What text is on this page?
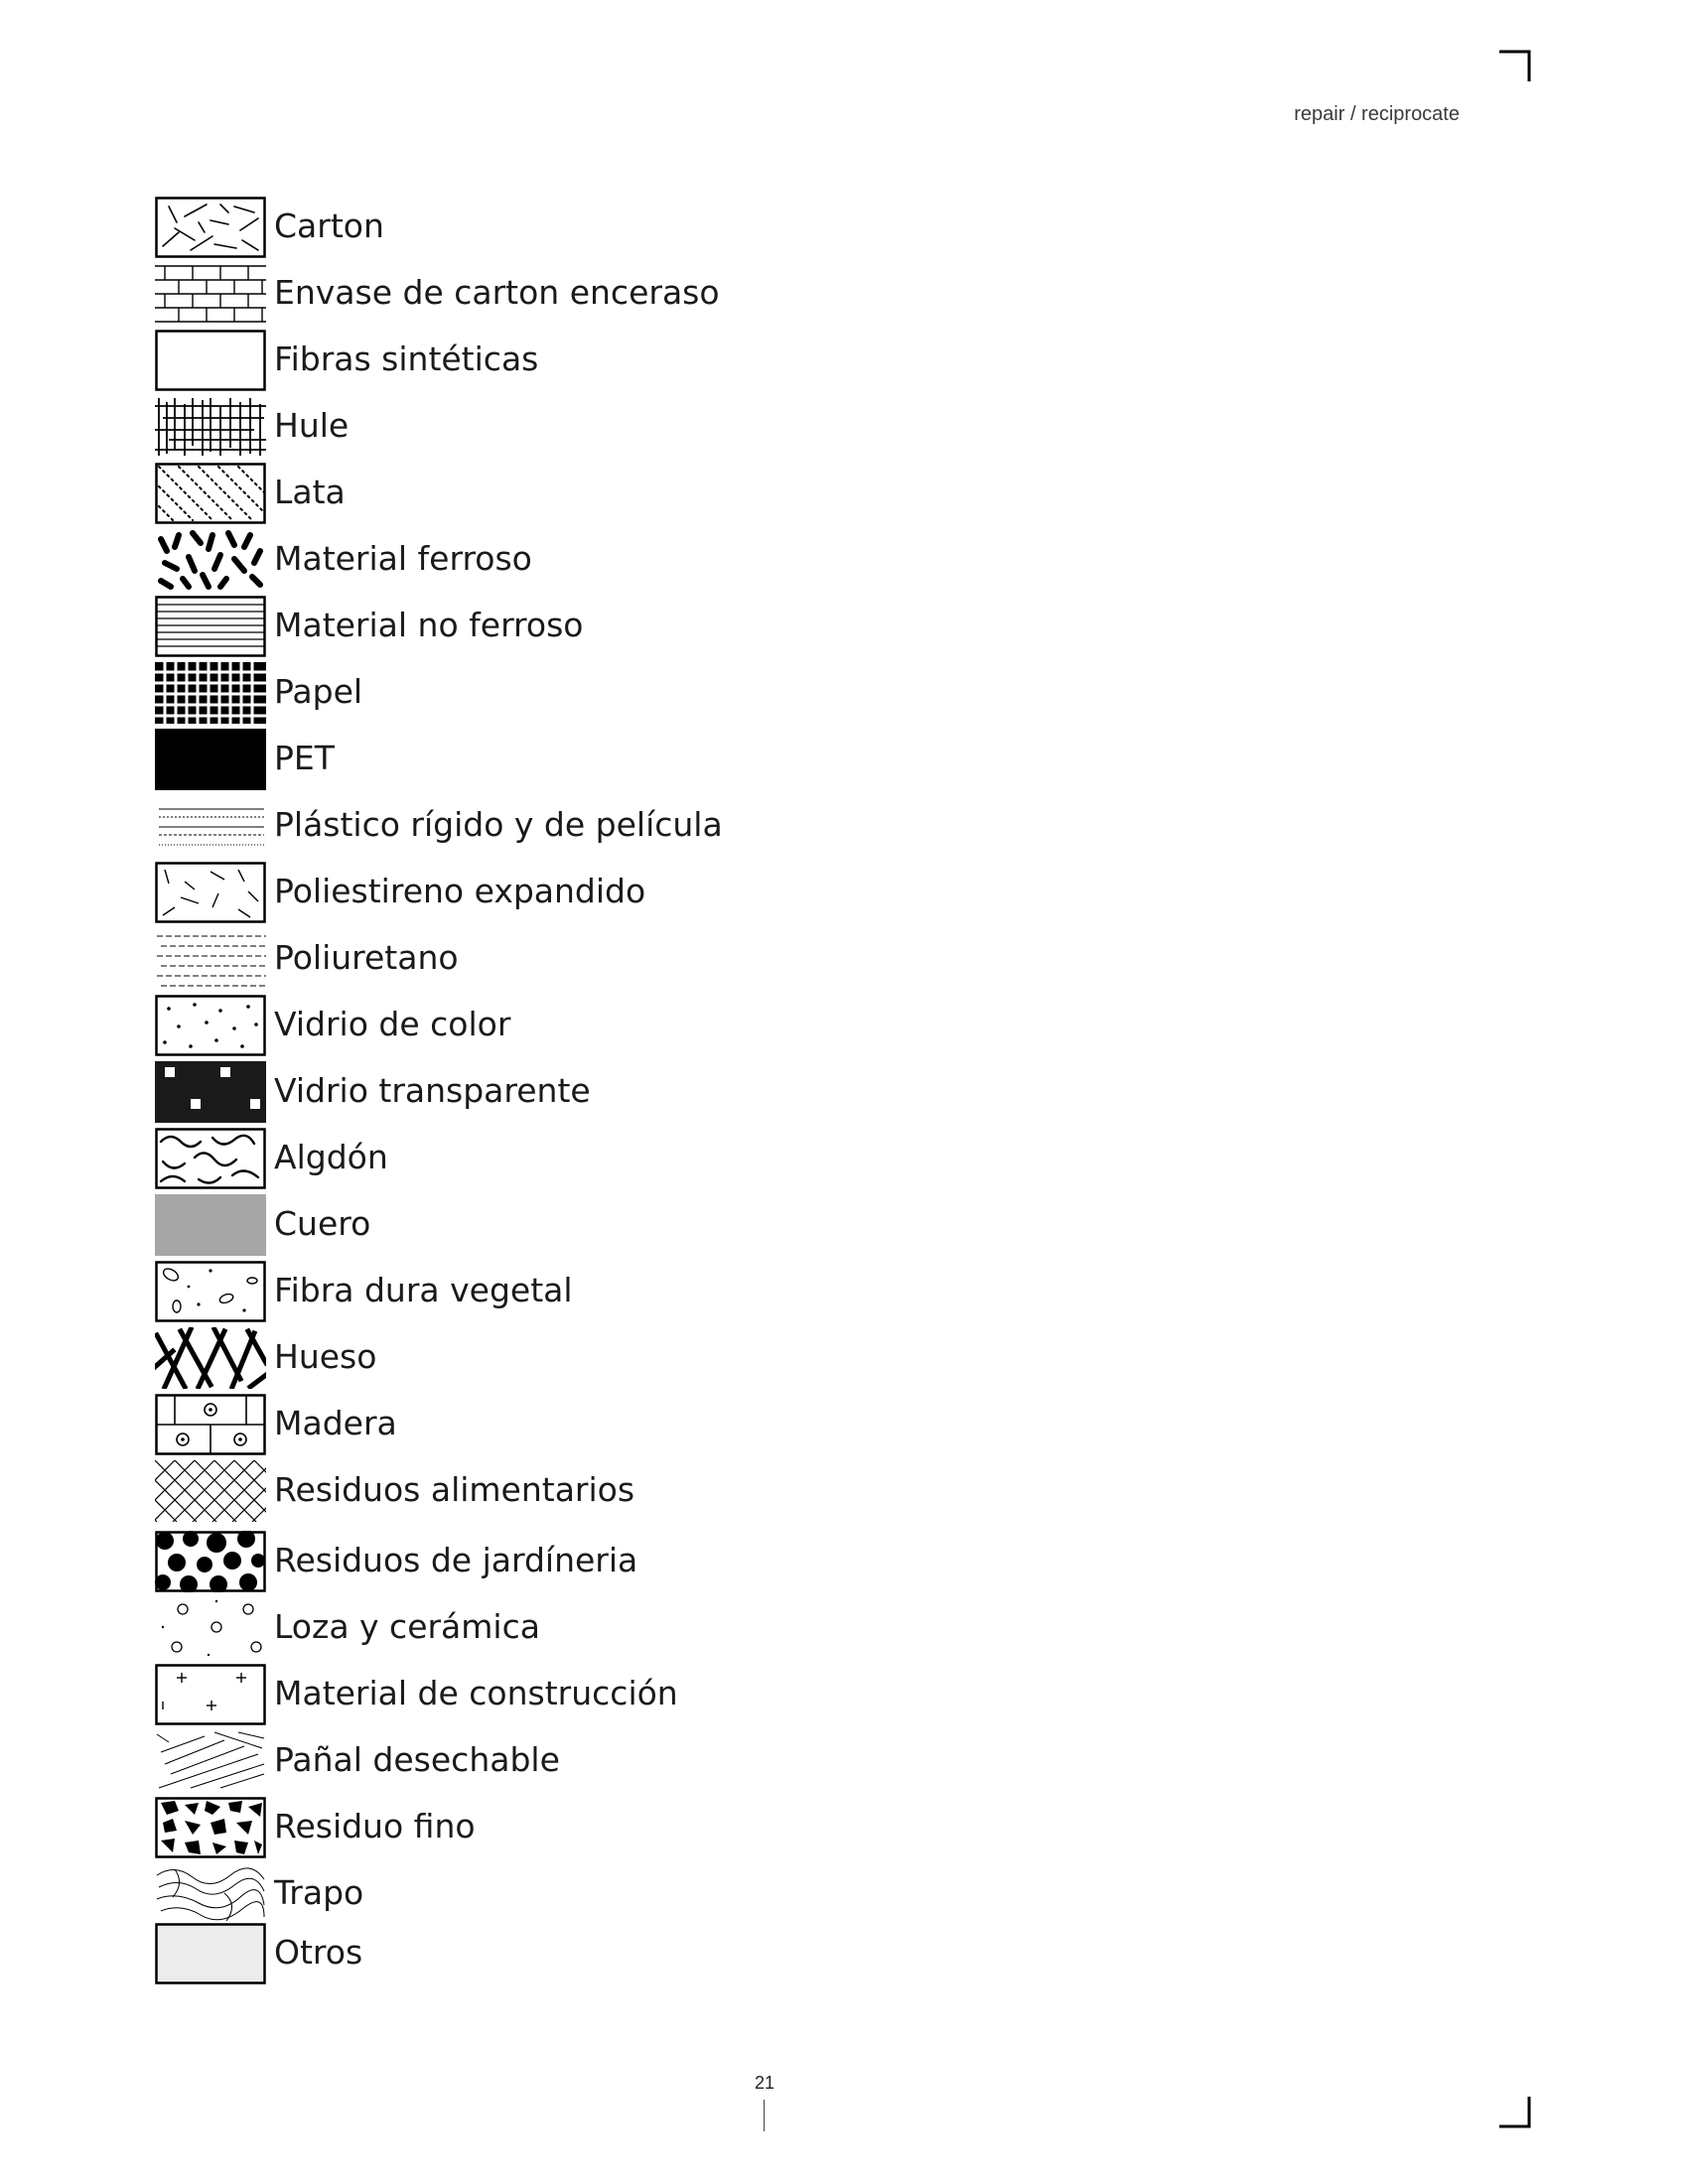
repair / reciprocate
Carton
Envase de carton enceraso
Fibras sintéticas
Hule
Lata
Material ferroso
Material no ferroso
Papel
PET
Plástico rígido y de película
Poliestireno expandido
Poliuretano
Vidrio de color
Vidrio transparente
Algdón
Cuero
Fibra dura vegetal
Hueso
Madera
Residuos alimentarios
Residuos de jardíneria
Loza y cerámica
Material de construcción
Pañal desechable
Residuo fino
Trapo
Otros
21
